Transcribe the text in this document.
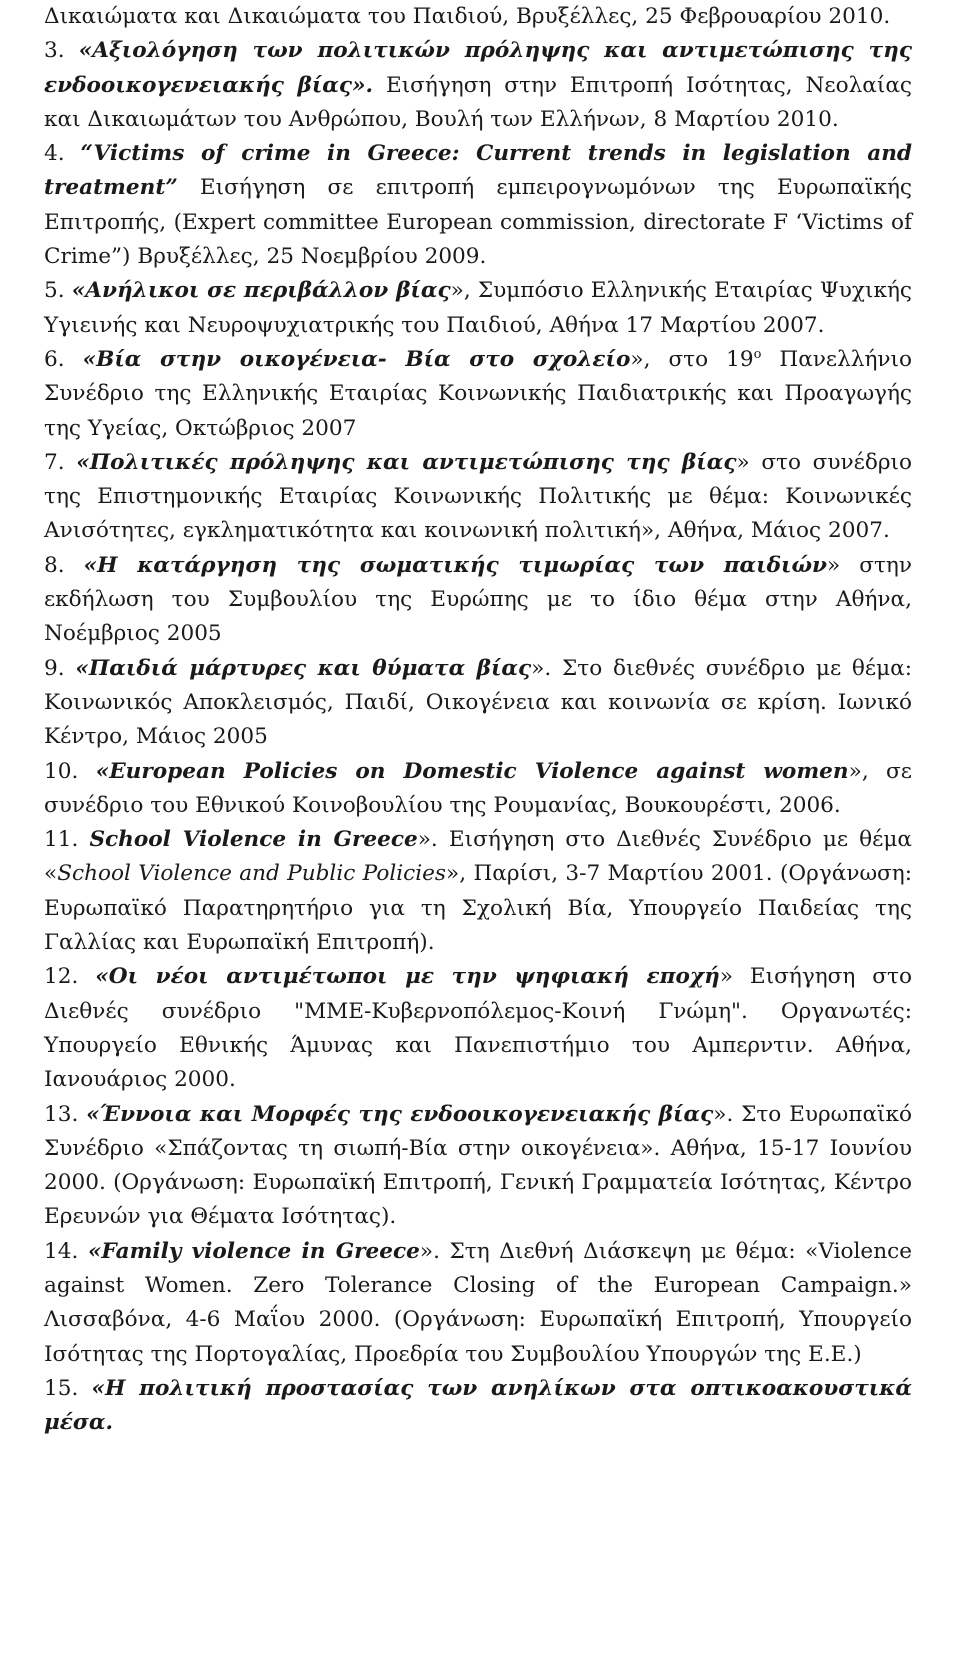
Δικαιώματα και Δικαιώματα του Παιδιού, Βρυξέλλες, 25 Φεβρουαρίου 2010.
3. «Αξιολόγηση των πολιτικών πρόληψης και αντιμετώπισης της ενδοοικογενειακής βίας». Εισήγηση στην Επιτροπή Ισότητας, Νεολαίας και Δικαιωμάτων του Ανθρώπου, Βουλή των Ελλήνων, 8 Μαρτίου 2010.
4. “Victims of crime in Greece: Current trends in legislation and treatment” Εισήγηση σε επιτροπή εμπειρογνωμόνων της Ευρωπαϊκής Επιτροπής, (Expert committee European commission, directorate F ‘Victims of Crime”) Βρυξέλλες, 25 Νοεμβρίου 2009.
5. «Ανήλικοι σε περιβάλλον βίας», Συμπόσιο Ελληνικής Εταιρίας Ψυχικής Υγιεινής και Νευροψυχιατρικής του Παιδιού, Αθήνα 17 Μαρτίου 2007.
6. «Βία στην οικογένεια- Βία στο σχολείο», στο $19^o$ Πανελλήνιο Συνέδριο της Ελληνικής Εταιρίας Κοινωνικής Παιδιατρικής και Προαγωγής της Υγείας, Οκτώβριος 2007
7. «Πολιτικές πρόληψης και αντιμετώπισης της βίας» στο συνέδριο της Επιστημονικής Εταιρίας Κοινωνικής Πολιτικής με θέμα: Κοινωνικές Ανισότητες, εγκληματικότητα και κοινωνική πολιτική», Αθήνα, Μάιος 2007.
8. «Η κατάργηση της σωματικής τιμωρίας των παιδιών» στην εκδήλωση του Συμβουλίου της Ευρώπης με το ίδιο θέμα στην Αθήνα, Νοέμβριος 2005
9. «Παιδιά μάρτυρες και θύματα βίας». Στο διεθνές συνέδριο με θέμα: Κοινωνικός Αποκλεισμός, Παιδί, Οικογένεια και κοινωνία σε κρίση. Ιωνικό Κέντρο, Μάιος 2005
10. «European Policies on Domestic Violence against women», σε συνέδριο του Εθνικού Κοινοβουλίου της Ρουμανίας, Βουκουρέστι, 2006.
11. School Violence in Greece». Εισήγηση στο Διεθνές Συνέδριο με θέμα «School Violence and Public Policies», Παρίσι, 3-7 Μαρτίου 2001. (Οργάνωση: Ευρωπαϊκό Παρατηρητήριο για τη Σχολική Βία, Υπουργείο Παιδείας της Γαλλίας και Ευρωπαϊκή Επιτροπή).
12. «Οι νέοι αντιμέτωποι με την ψηφιακή εποχή» Εισήγηση στο Διεθνές συνέδριο "ΜΜΕ-Κυβερνοπόλεμος-Κοινή Γνώμη". Οργανωτές: Υπουργείο Εθνικής Άμυνας και Πανεπιστήμιο του Αμπερντιν. Αθήνα, Ιανουάριος 2000.
13. «Έννοια και Μορφές της ενδοοικογενειακής βίας». Στο Ευρωπαϊκό Συνέδριο «Σπάζοντας τη σιωπή-Βία στην οικογένεια». Αθήνα, 15-17 Ιουνίου 2000. (Οργάνωση: Ευρωπαϊκή Επιτροπή, Γενική Γραμματεία Ισότητας, Κέντρο Ερευνών για Θέματα Ισότητας).
14. «Family violence in Greece». Στη Διεθνή Διάσκεψη με θέμα: «Violence against Women. Zero Tolerance Closing of the European Campaign.» Λισσαβόνα, 4-6 Μαΐου 2000. (Οργάνωση: Ευρωπαϊκή Επιτροπή, Υπουργείο Ισότητας της Πορτογαλίας, Προεδρία του Συμβουλίου Υπουργών της Ε.Ε.)
15. «Η πολιτική προστασίας των ανηλίκων στα οπτικοακουστικά μέσα.
